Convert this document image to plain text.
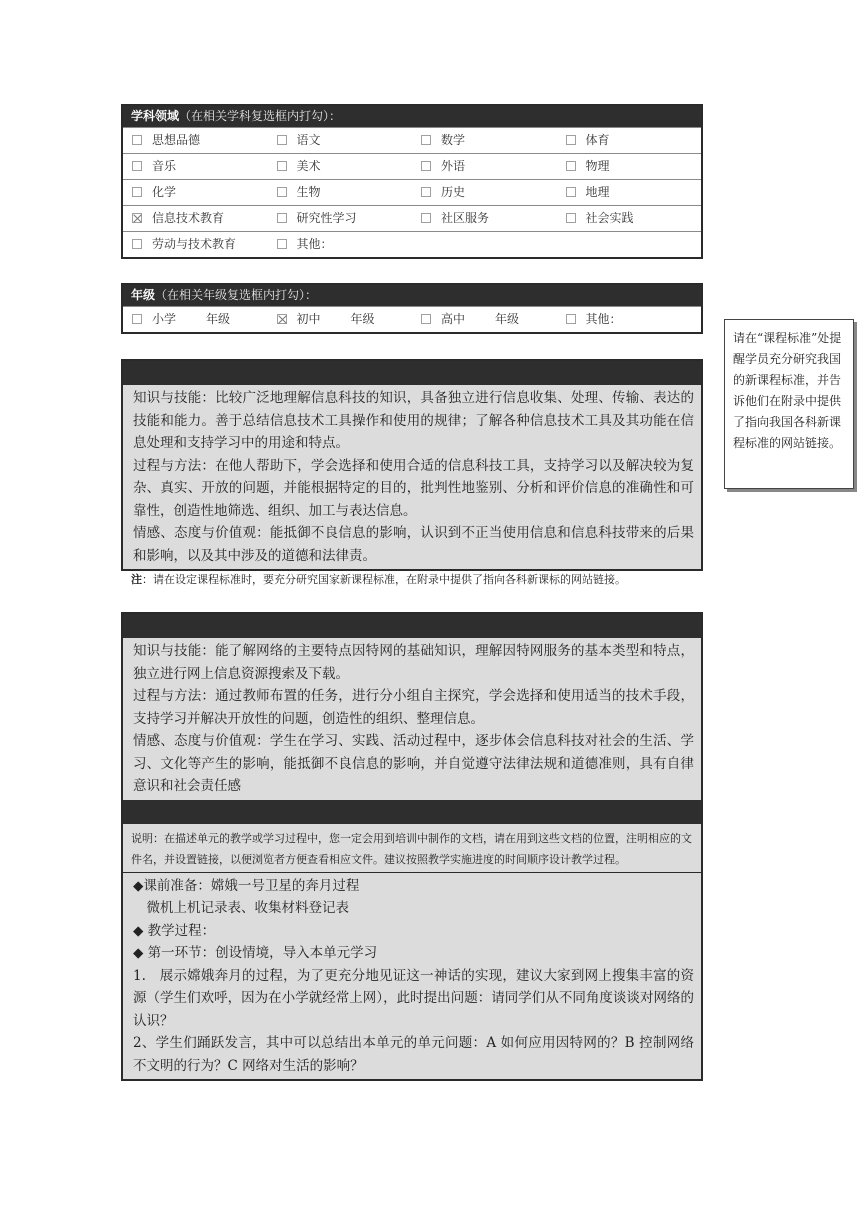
学科领域（在相关学科复选框内打勾）：
思想品德	语文	数学	体育
音乐	美术	外语	物理
化学	生物	历史	地理
信息技术教育	研究性学习	社区服务	社会实践
劳动与技术教育	其他：
年级（在相关年级复选框内打勾）：
小学	年级	初中	年级	高中	年级	其他：
请在“课程标准”处提醒学员充分研究我国的新课程标准，并告诉他们在附录中提供了指向我国各科新课程标准的网站链接。

知识与技能：比较广泛地理解信息科技的知识，具备独立进行信息收集、处理、传输、表达的技能和能力。善于总结信息技术工具操作和使用的规律；了解各种信息技术工具及其功能在信息处理和支持学习中的用途和特点。

过程与方法：在他人帮助下，学会选择和使用合适的信息科技工具，支持学习以及解决较为复杂、真实、开放的问题，并能根据特定的目的，批判性地鉴别、分析和评价信息的准确性和可靠性，创造性地筛选、组织、加工与表达信息。

情感、态度与价值观：能抵御不良信息的影响，认识到不正当使用信息和信息科技带来的后果和影响，以及其中涉及的道德和法律责。

注：请在设定课程标准时，要充分研究国家新课程标准，在附录中提供了指向各科新课标的网站链接。

知识与技能：能了解网络的主要特点因特网的基础知识，理解因特网服务的基本类型和特点，独立进行网上信息资源搜索及下载。

过程与方法：通过教师布置的任务，进行分小组自主探究，学会选择和使用适当的技术手段，支持学习并解决开放性的问题，创造性的组织、整理信息。

情感、态度与价值观：学生在学习、实践、活动过程中，逐步体会信息科技对社会的生活、学习、文化等产生的影响，能抵御不良信息的影响，并自觉遵守法律法规和道德准则，具有自律意识和社会责任感

说明：在描述单元的教学或学习过程中，您一定会用到培训中制作的文档，请在用到这些文档的位置，注明相应的文件名，并设置链接，以便浏览者方便查看相应文件。建议按照教学实施进度的时间顺序设计教学过程。

◆课前准备：嫦娥一号卫星的奔月过程

　微机上机记录表、收集材料登记表

◆ 教学过程：

◆ 第一环节：创设情境，导入本单元学习

1.　展示嫦娥奔月的过程，为了更充分地见证这一神话的实现，建议大家到网上搜集丰富的资源（学生们欢呼，因为在小学就经常上网），此时提出问题：请同学们从不同角度谈谈对网络的认识？

2、学生们踊跃发言，其中可以总结出本单元的单元问题：A 如何应用因特网的？B 控制网络不文明的行为？C 网络对生活的影响？
